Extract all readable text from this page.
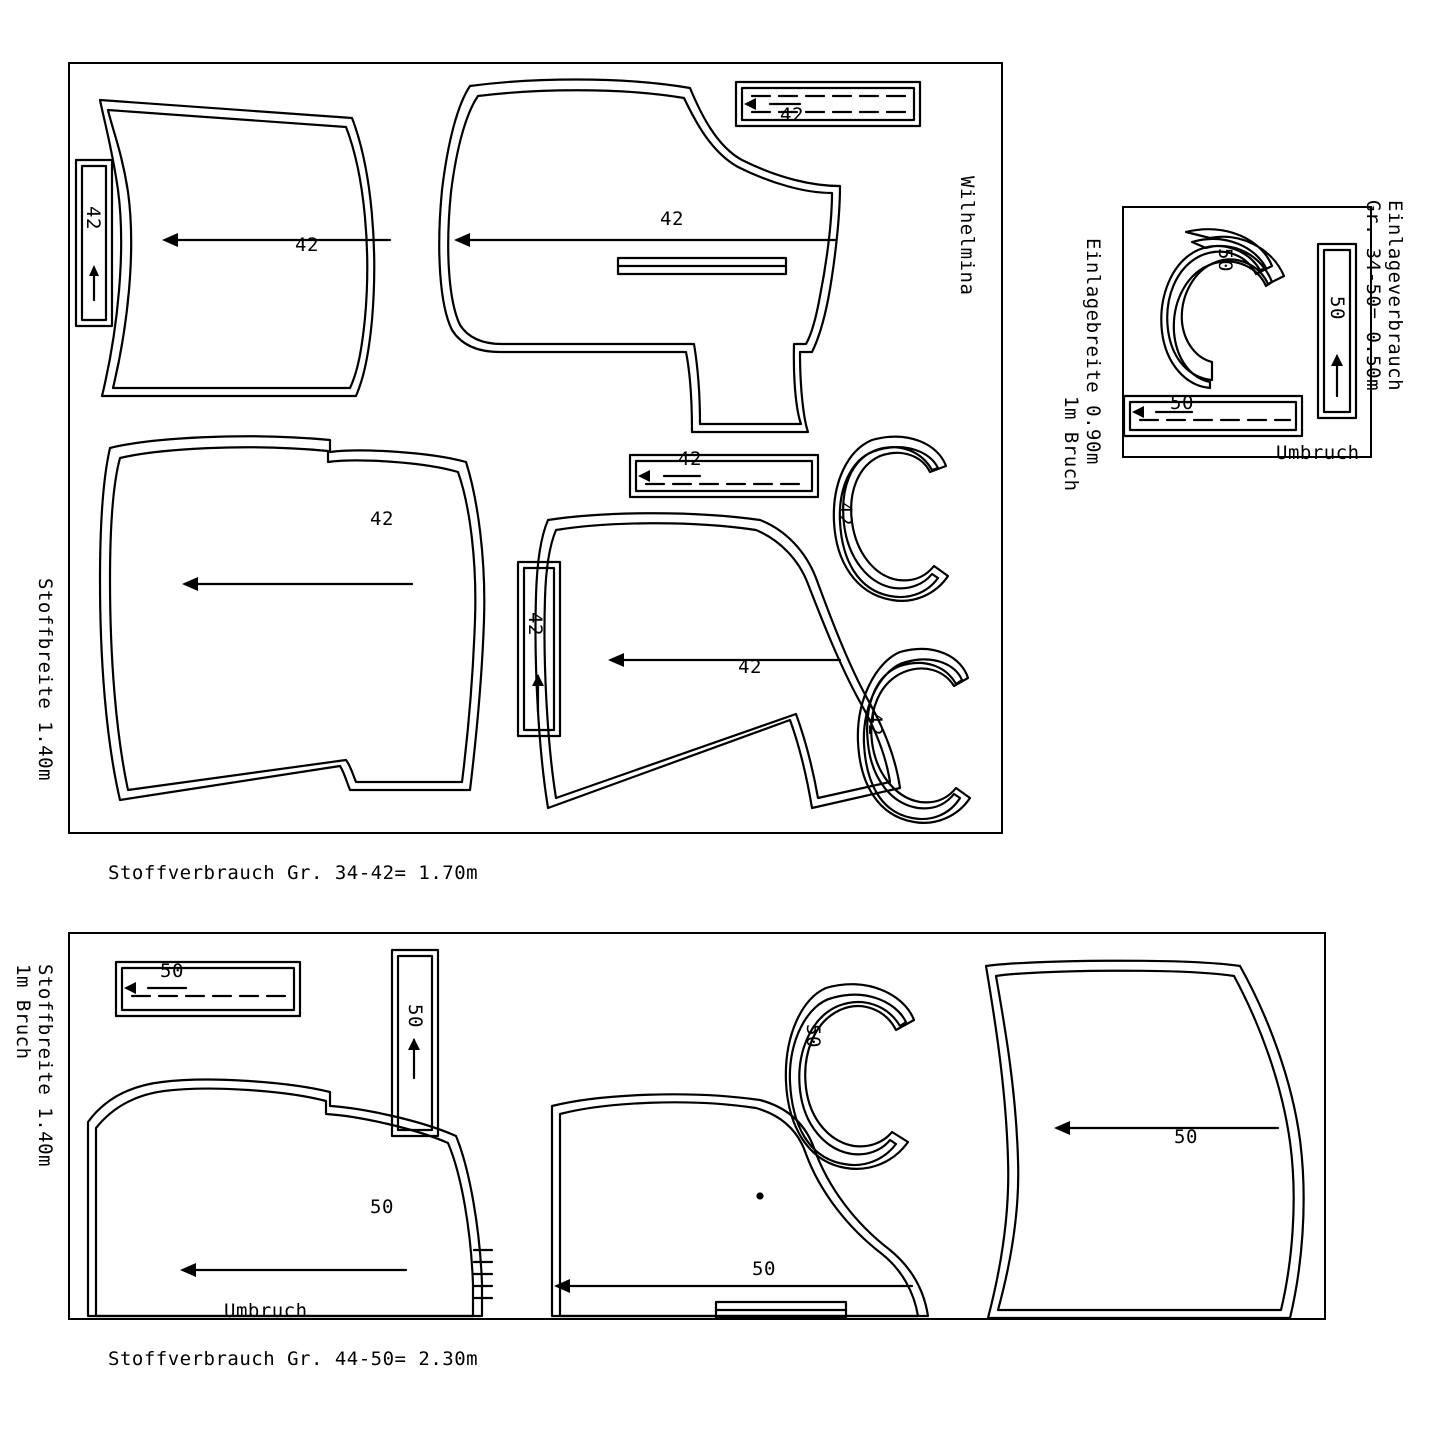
Wilhelmina
Stoffbreite 1.40m
42
42
42
42
42
42
42
42
42
42
Stoffverbrauch Gr. 34-42= 1.70m
Einlageverbrauch
Gr. 34-50= 0.50m
Einlagebreite 0.90m
1m Bruch	Umbruch
50
50
50
Stoffbreite 1.40m
1m Bruch
Umbruch
50
50
50
50
50
50
Stoffverbrauch Gr. 44-50= 2.30m
